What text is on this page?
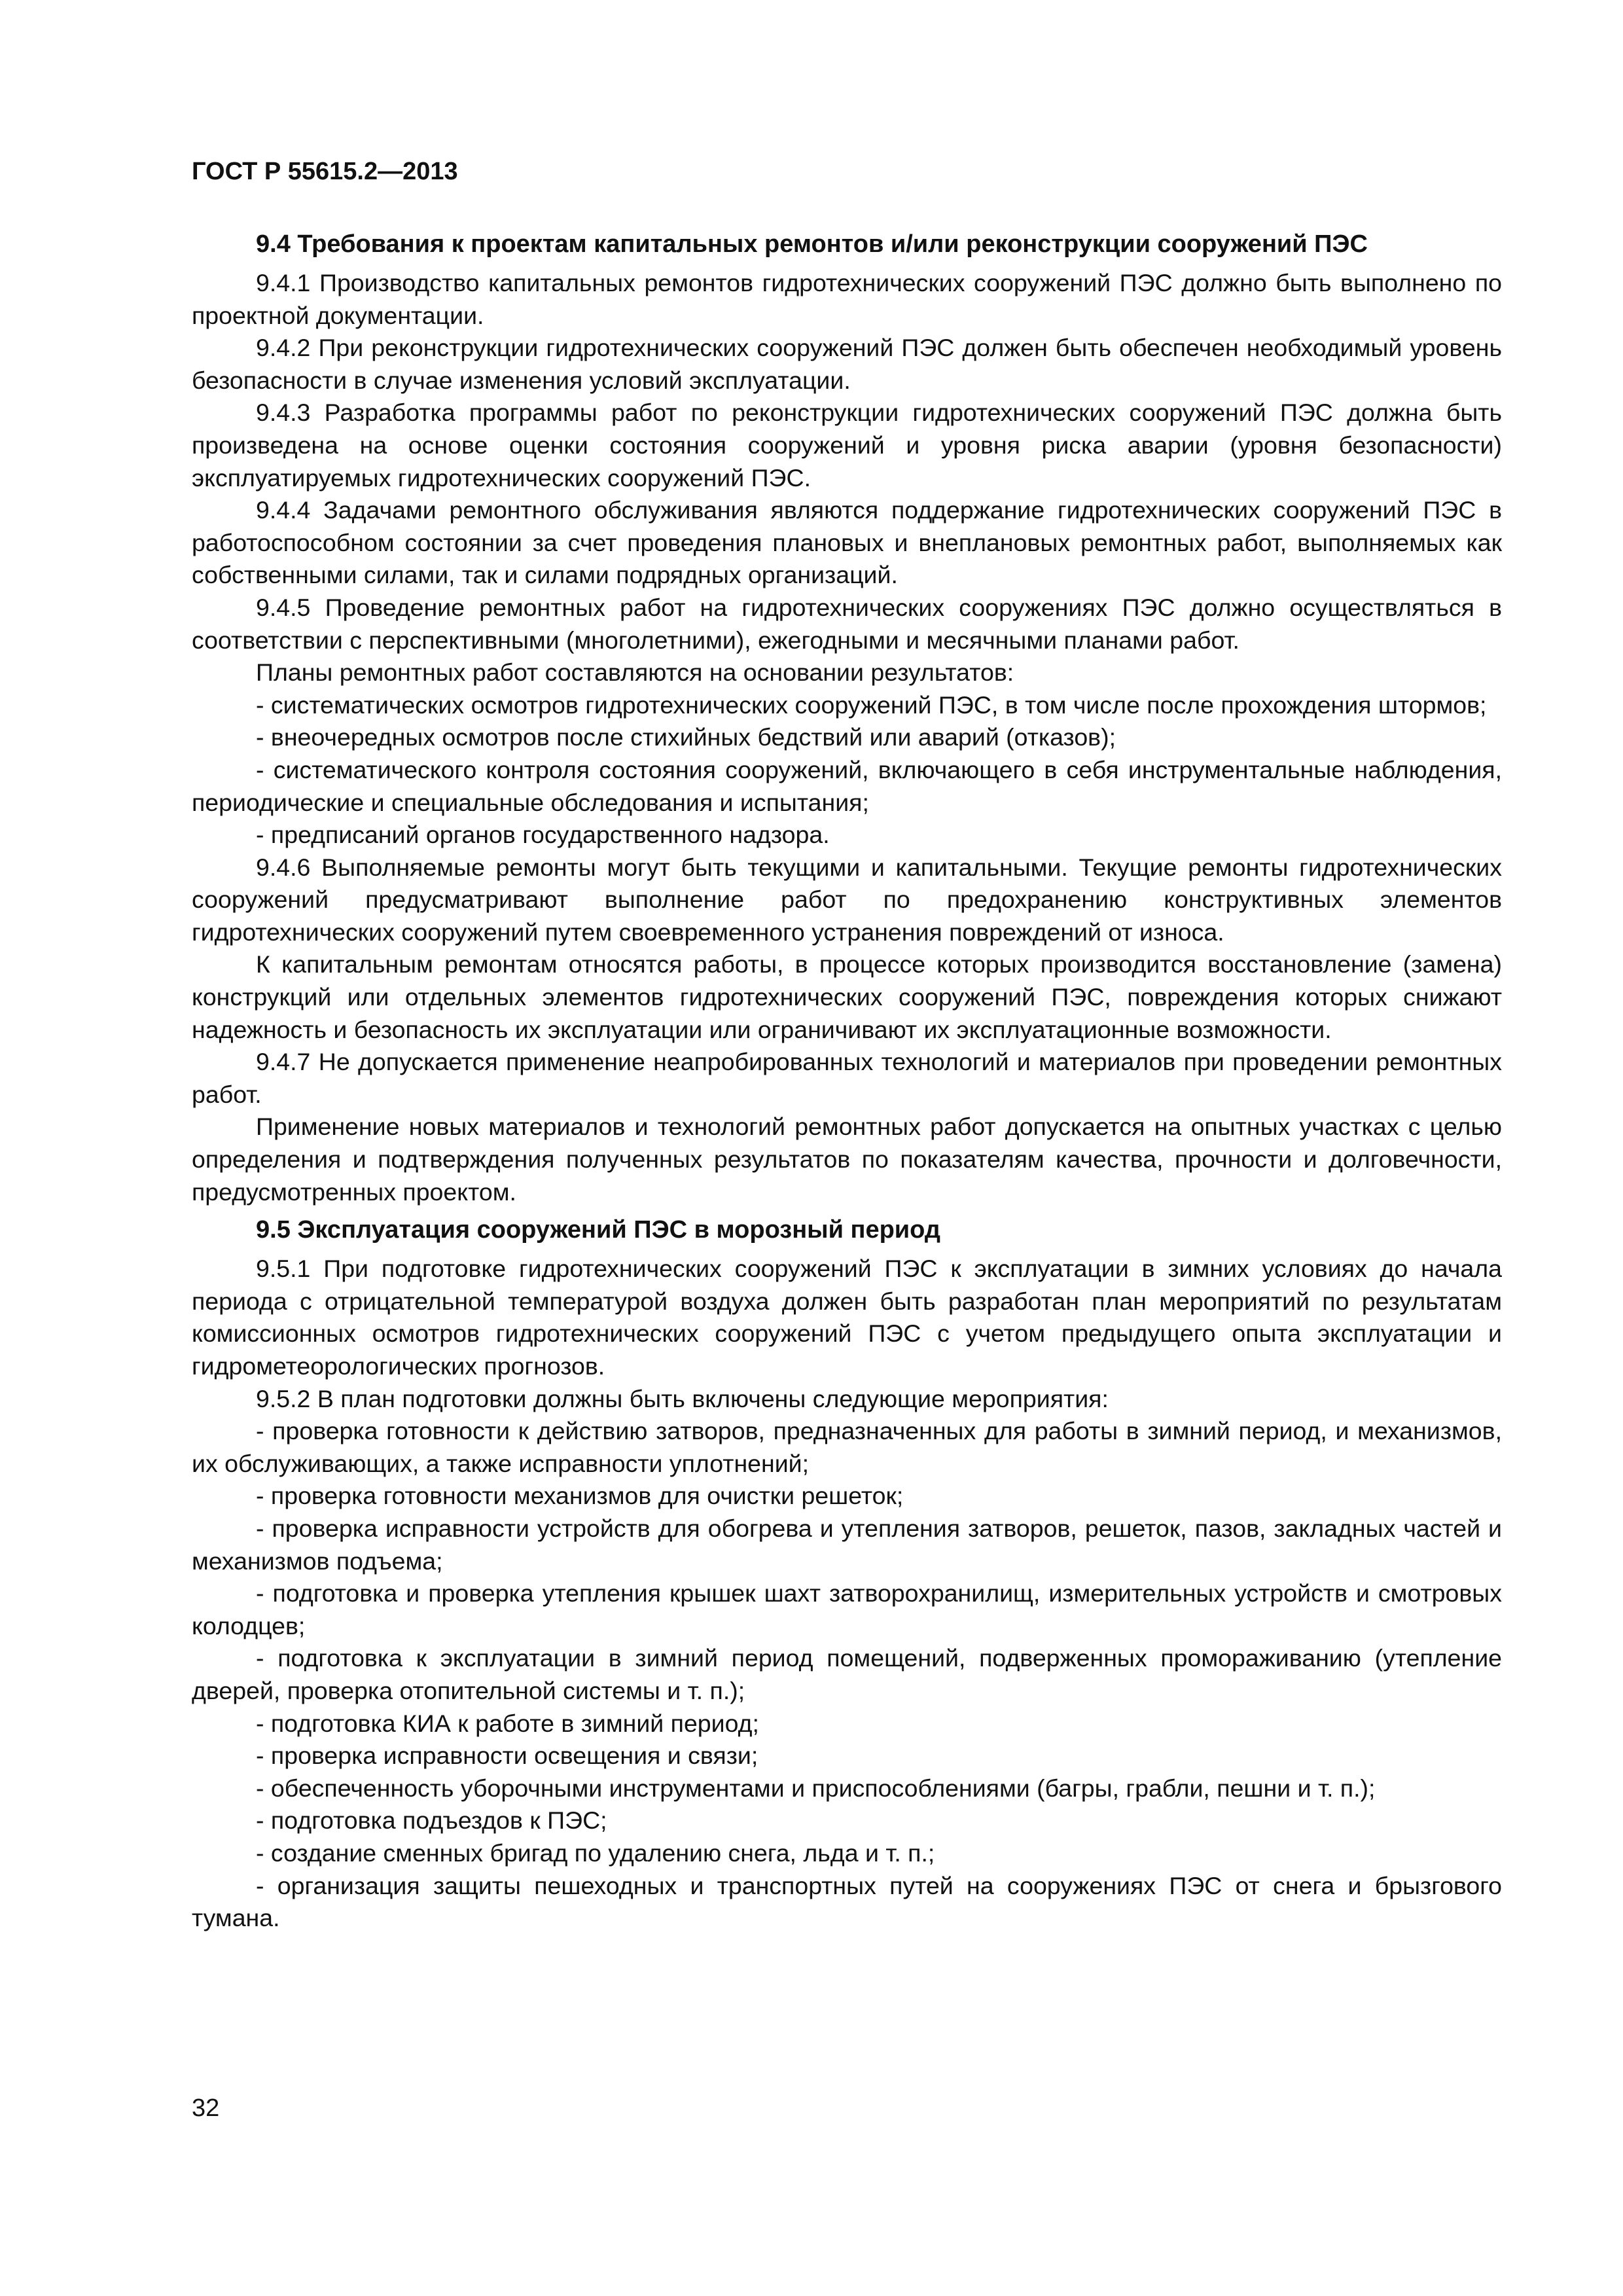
ГОСТ Р 55615.2—2013
9.4 Требования к проектам капитальных ремонтов и/или реконструкции сооружений ПЭС

9.4.1 Производство капитальных ремонтов гидротехнических сооружений ПЭС должно быть выполнено по проектной документации.

9.4.2 При реконструкции гидротехнических сооружений ПЭС должен быть обеспечен необходимый уровень безопасности в случае изменения условий эксплуатации.

9.4.3 Разработка программы работ по реконструкции гидротехнических сооружений ПЭС должна быть произведена на основе оценки состояния сооружений и уровня риска аварии (уровня безопасности) эксплуатируемых гидротехнических сооружений ПЭС.

9.4.4 Задачами ремонтного обслуживания являются поддержание гидротехнических сооружений ПЭС в работоспособном состоянии за счет проведения плановых и внеплановых ремонтных работ, выполняемых как собственными силами, так и силами подрядных организаций.

9.4.5 Проведение ремонтных работ на гидротехнических сооружениях ПЭС должно осуществляться в соответствии с перспективными (многолетними), ежегодными и месячными планами работ.

Планы ремонтных работ составляются на основании результатов:

- систематических осмотров гидротехнических сооружений ПЭС, в том числе после прохождения штормов;

- внеочередных осмотров после стихийных бедствий или аварий (отказов);

- систематического контроля состояния сооружений, включающего в себя инструментальные наблюдения, периодические и специальные обследования и испытания;

- предписаний органов государственного надзора.

9.4.6 Выполняемые ремонты могут быть текущими и капитальными. Текущие ремонты гидротехнических сооружений предусматривают выполнение работ по предохранению конструктивных элементов гидротехнических сооружений путем своевременного устранения повреждений от износа.

К капитальным ремонтам относятся работы, в процессе которых производится восстановление (замена) конструкций или отдельных элементов гидротехнических сооружений ПЭС, повреждения которых снижают надежность и безопасность их эксплуатации или ограничивают их эксплуатационные возможности.

9.4.7 Не допускается применение неапробированных технологий и материалов при проведении ремонтных работ.

Применение новых материалов и технологий ремонтных работ допускается на опытных участках с целью определения и подтверждения полученных результатов по показателям качества, прочности и долговечности, предусмотренных проектом.

9.5 Эксплуатация сооружений ПЭС в морозный период

9.5.1 При подготовке гидротехнических сооружений ПЭС к эксплуатации в зимних условиях до начала периода с отрицательной температурой воздуха должен быть разработан план мероприятий по результатам комиссионных осмотров гидротехнических сооружений ПЭС с учетом предыдущего опыта эксплуатации и гидрометеорологических прогнозов.

9.5.2 В план подготовки должны быть включены следующие мероприятия:

- проверка готовности к действию затворов, предназначенных для работы в зимний период, и механизмов, их обслуживающих, а также исправности уплотнений;

- проверка готовности механизмов для очистки решеток;

- проверка исправности устройств для обогрева и утепления затворов, решеток, пазов, закладных частей и механизмов подъема;

- подготовка и проверка утепления крышек шахт затворохранилищ, измерительных устройств и смотровых колодцев;

- подготовка к эксплуатации в зимний период помещений, подверженных промораживанию (утепление дверей, проверка отопительной системы и т. п.);

- подготовка КИА к работе в зимний период;

- проверка исправности освещения и связи;

- обеспеченность уборочными инструментами и приспособлениями (багры, грабли, пешни и т. п.);

- подготовка подъездов к ПЭС;

- создание сменных бригад по удалению снега, льда и т. п.;

- организация защиты пешеходных и транспортных путей на сооружениях ПЭС от снега и брызгового тумана.

32
